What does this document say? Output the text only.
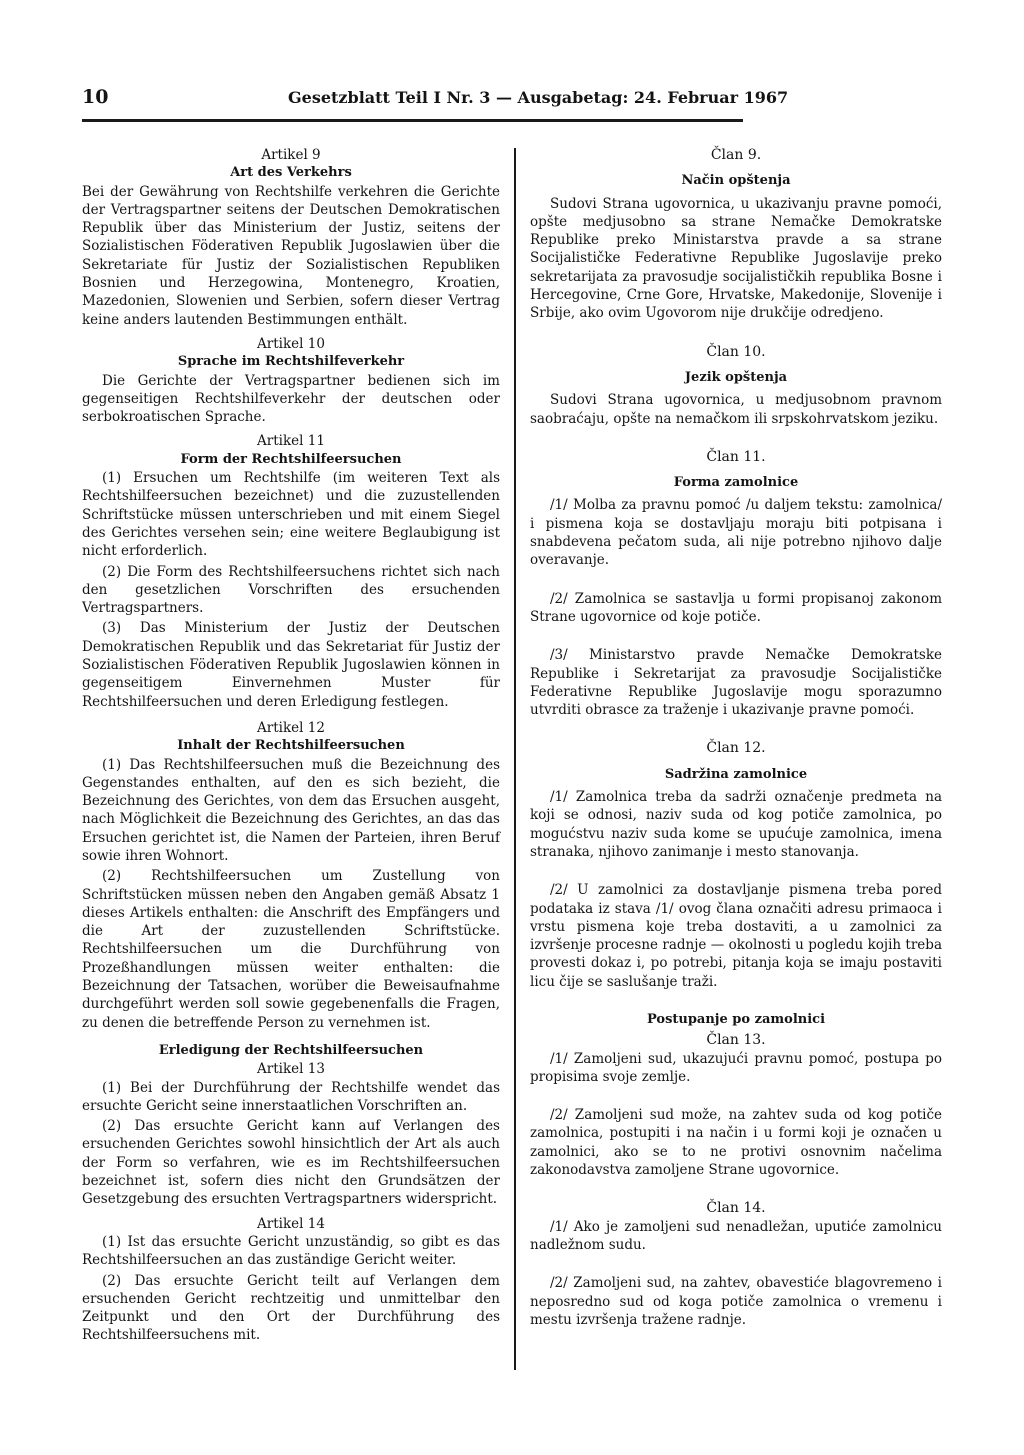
10	Gesetzblatt Teil I Nr. 3 — Ausgabetag: 24. Februar 1967

Artikel 9

Art des Verkehrs

Bei der Gewährung von Rechtshilfe verkehren die Gerichte der Vertragspartner seitens der Deutschen Demokratischen Republik über das Ministerium der Justiz, seitens der Sozialistischen Föderativen Republik Jugoslawien über die Sekretariate für Justiz der Sozialistischen Republiken Bosnien und Herzegowina, Montenegro, Kroatien, Mazedonien, Slowenien und Serbien, sofern dieser Vertrag keine anders lautenden Bestimmungen enthält.

Artikel 10

Sprache im Rechtshilfeverkehr

Die Gerichte der Vertragspartner bedienen sich im gegenseitigen Rechtshilfeverkehr der deutschen oder serbokroatischen Sprache.

Artikel 11

Form der Rechtshilfeersuchen

(1) Ersuchen um Rechtshilfe (im weiteren Text als Rechtshilfeersuchen bezeichnet) und die zuzustellenden Schriftstücke müssen unterschrieben und mit einem Siegel des Gerichtes versehen sein; eine weitere Beglaubigung ist nicht erforderlich.

(2) Die Form des Rechtshilfeersuchens richtet sich nach den gesetzlichen Vorschriften des ersuchenden Vertragspartners.

(3) Das Ministerium der Justiz der Deutschen Demokratischen Republik und das Sekretariat für Justiz der Sozialistischen Föderativen Republik Jugoslawien können in gegenseitigem Einvernehmen Muster für Rechtshilfeersuchen und deren Erledigung festlegen.

Artikel 12

Inhalt der Rechtshilfeersuchen

(1) Das Rechtshilfeersuchen muß die Bezeichnung des Gegenstandes enthalten, auf den es sich bezieht, die Bezeichnung des Gerichtes, von dem das Ersuchen ausgeht, nach Möglichkeit die Bezeichnung des Gerichtes, an das das Ersuchen gerichtet ist, die Namen der Parteien, ihren Beruf sowie ihren Wohnort.

(2) Rechtshilfeersuchen um Zustellung von Schriftstücken müssen neben den Angaben gemäß Absatz 1 dieses Artikels enthalten: die Anschrift des Empfängers und die Art der zuzustellenden Schriftstücke. Rechtshilfeersuchen um die Durchführung von Prozeßhandlungen müssen weiter enthalten: die Bezeichnung der Tatsachen, worüber die Beweisaufnahme durchgeführt werden soll sowie gegebenenfalls die Fragen, zu denen die betreffende Person zu vernehmen ist.

Erledigung der Rechtshilfeersuchen

Artikel 13

(1) Bei der Durchführung der Rechtshilfe wendet das ersuchte Gericht seine innerstaatlichen Vorschriften an.

(2) Das ersuchte Gericht kann auf Verlangen des ersuchenden Gerichtes sowohl hinsichtlich der Art als auch der Form so verfahren, wie es im Rechtshilfeersuchen bezeichnet ist, sofern dies nicht den Grundsätzen der Gesetzgebung des ersuchten Vertragspartners widerspricht.

Artikel 14

(1) Ist das ersuchte Gericht unzuständig, so gibt es das Rechtshilfeersuchen an das zuständige Gericht weiter.

(2) Das ersuchte Gericht teilt auf Verlangen dem ersuchenden Gericht rechtzeitig und unmittelbar den Zeitpunkt und den Ort der Durchführung des Rechtshilfeersuchens mit.

Član 9.

Način opštenja

Sudovi Strana ugovornica, u ukazivanju pravne pomoći, opšte medjusobno sa strane Nemačke Demokratske Republike preko Ministarstva pravde a sa strane Socijalističke Federativne Republike Jugoslavije preko sekretarijata za pravosudje socijalističkih republika Bosne i Hercegovine, Crne Gore, Hrvatske, Makedonije, Slovenije i Srbije, ako ovim Ugovorom nije drukčije odredjeno.

Član 10.

Jezik opštenja

Sudovi Strana ugovornica, u medjusobnom pravnom saobraćaju, opšte na nemačkom ili srpskohrvatskom jeziku.

Član 11.

Forma zamolnice

/1/ Molba za pravnu pomoć /u daljem tekstu: zamolnica/ i pismena koja se dostavljaju moraju biti potpisana i snabdevena pečatom suda, ali nije potrebno njihovo dalje overavanje.

/2/ Zamolnica se sastavlja u formi propisanoj zakonom Strane ugovornice od koje potiče.

/3/ Ministarstvo pravde Nemačke Demokratske Republike i Sekretarijat za pravosudje Socijalističke Federativne Republike Jugoslavije mogu sporazumno utvrditi obrasce za traženje i ukazivanje pravne pomoći.

Član 12.

Sadržina zamolnice

/1/ Zamolnica treba da sadrži označenje predmeta na koji se odnosi, naziv suda od kog potiče zamolnica, po mogućstvu naziv suda kome se upućuje zamolnica, imena stranaka, njihovo zanimanje i mesto stanovanja.

/2/ U zamolnici za dostavljanje pismena treba pored podataka iz stava /1/ ovog člana označiti adresu primaoca i vrstu pismena koje treba dostaviti, a u zamolnici za izvršenje procesne radnje — okolnosti u pogledu kojih treba provesti dokaz i, po potrebi, pitanja koja se imaju postaviti licu čije se saslušanje traži.

Postupanje po zamolnici

Član 13.

/1/ Zamoljeni sud, ukazujući pravnu pomoć, postupa po propisima svoje zemlje.

/2/ Zamoljeni sud može, na zahtev suda od kog potiče zamolnica, postupiti i na način i u formi koji je označen u zamolnici, ako se to ne protivi osnovnim načelima zakonodavstva zamoljene Strane ugovornice.

Član 14.

/1/ Ako je zamoljeni sud nenadležan, uputiće zamolnicu nadležnom sudu.

/2/ Zamoljeni sud, na zahtev, obavestiće blagovremeno i neposredno sud od koga potiče zamolnica o vremenu i mestu izvršenja tražene radnje.
